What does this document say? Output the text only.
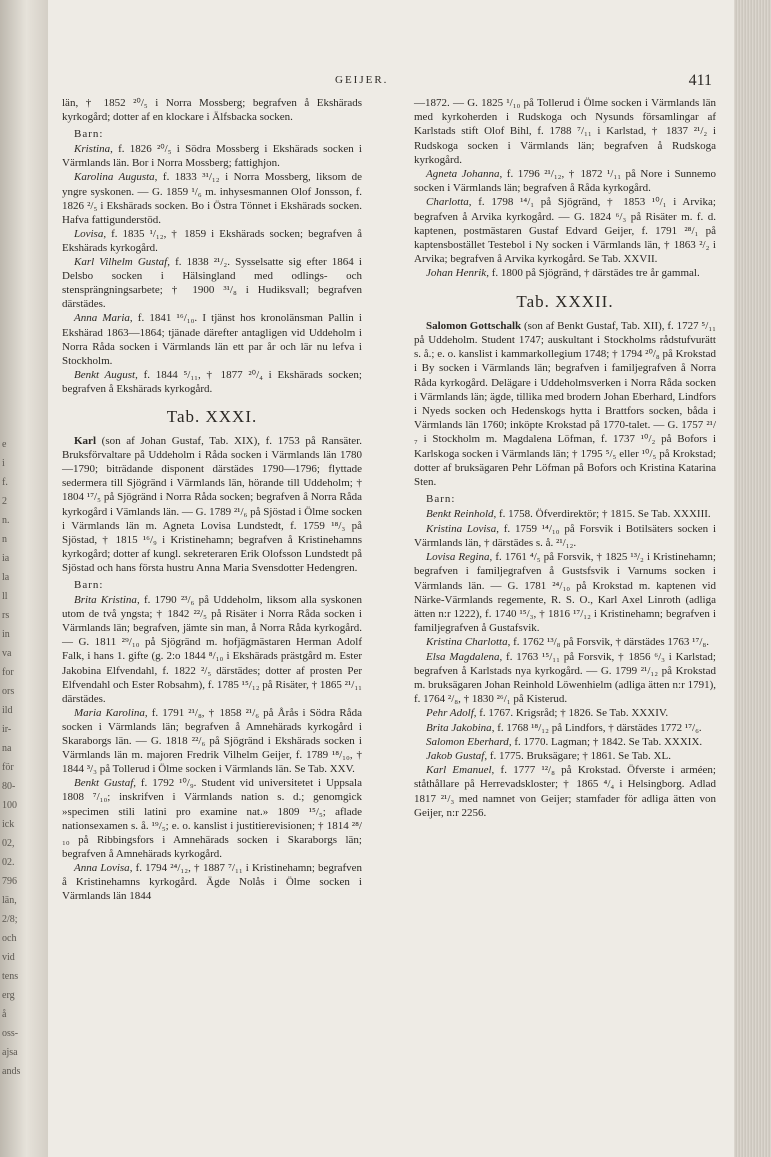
e
i
f.
2
n.
n
ia
la
ll
rs
in
va
for
ors
ild
ir-
na
för
80-
100
ick
02,
02.
796
län,
2/8;
och
vid
tens
erg
å
oss-
ajsa
ands
GEIJER.	411

län, † 1852 ²⁰/₅ i Norra Mossberg; begrafven å Ekshärads kyrkogård; dotter af en klockare i Älfsbacka socken.

Barn:

Kristina, f. 1826 ²⁰/₅ i Södra Mossberg i Ekshärads socken i Värmlands län. Bor i Norra Mossberg; fattighjon.

Karolina Augusta, f. 1833 ³¹/₁₂ i Norra Mossberg, liksom de yngre syskonen. — G. 1859 ¹/₆ m. inhysesmannen Olof Jonsson, f. 1826 ²/₅ i Ekshärads socken. Bo i Östra Tönnet i Ekshärads socken. Hafva fattigunderstöd.

Lovisa, f. 1835 ¹/₁₂, † 1859 i Ekshärads socken; begrafven å Ekshärads kyrkogård.

Karl Vilhelm Gustaf, f. 1838 ²¹/₂. Sysselsatte sig efter 1864 i Delsbo socken i Hälsingland med odlings- och stensprängningsarbete; † 1900 ³¹/₈ i Hudiksvall; begrafven därstädes.

Anna Maria, f. 1841 ¹⁶/₁₀. I tjänst hos kronolänsman Pallin i Ekshärad 1863—1864; tjänade därefter antagligen vid Uddeholm i Norra Råda socken i Värmlands län ett par år och lär nu lefva i Stockholm.

Benkt August, f. 1844 ⁵/₁₁, † 1877 ²⁰/₄ i Ekshärads socken; begrafven å Ekshärads kyrkogård.

Tab. XXXI.

Karl (son af Johan Gustaf, Tab. XIX), f. 1753 på Ransäter. Bruksförvaltare på Uddeholm i Råda socken i Värmlands län 1780—1790; biträdande disponent därstädes 1790—1796; flyttade sedermera till Sjögränd i Värmlands län, hörande till Uddeholm; † 1804 ¹⁷/₅ på Sjögränd i Norra Råda socken; begrafven å Norra Råda kyrkogård i Vämlands län. — G. 1789 ²¹/₆ på Sjöstad i Ölme socken i Värmlands län m. Agneta Lovisa Lundstedt, f. 1759 ¹⁸/₃ på Sjöstad, † 1815 ¹⁶/₉ i Kristinehamn; begrafven å Kristinehamns kyrkogård; dotter af kungl. sekreteraren Erik Olofsson Lundstedt på Sjöstad och hans första hustru Anna Maria Svensdotter Hedengren.

Barn:

Brita Kristina, f. 1790 ²³/₆ på Uddeholm, liksom alla syskonen utom de två yngsta; † 1842 ²²/₅ på Risäter i Norra Råda socken i Värmlands län; begrafven, jämte sin man, å Norra Råda kyrkogård. — G. 1811 ²⁹/₁₀ på Sjögränd m. hofjägmästaren Herman Adolf Falk, i hans 1. gifte (g. 2:o 1844 ⁸/₁₀ i Ekshärads prästgård m. Ester Jakobina Elfvendahl, f. 1822 ²/₅ därstädes; dotter af prosten Per Elfvendahl och Ester Robsahm), f. 1785 ¹⁵/₁₂ på Risäter, † 1865 ²¹/₁₁ därstädes.

Maria Karolina, f. 1791 ²¹/₈, † 1858 ²¹/₆ på Årås i Södra Råda socken i Värmlands län; begrafven å Amnehärads kyrkogård i Skaraborgs län. — G. 1818 ²²/₆ på Sjögränd i Ekshärads socken i Värmlands län m. majoren Fredrik Vilhelm Geijer, f. 1789 ¹⁸/₁₀, † 1844 ³/₃ på Tollerud i Ölme socken i Värmlands län. Se Tab. XXV.

Benkt Gustaf, f. 1792 ¹⁰/₉. Student vid universitetet i Uppsala 1808 ⁷/₁₀; inskrifven i Värmlands nation s. d.; genomgick »specimen stili latini pro examine nat.» 1809 ¹⁵/₅; aflade nationsexamen s. å. ¹⁹/₅; e. o. kanslist i justitierevisionen; † 1814 ²⁸/₁₀ på Ribbingsfors i Amnehärads socken i Skaraborgs län; begrafven å Amnehärads kyrkogård.

Anna Lovisa, f. 1794 ²⁴/₁₂, † 1887 ⁷/₁₁ i Kristinehamn; begrafven å Kristinehamns kyrkogård. Ägde Nolås i Ölme socken i Värmlands län 1844

—1872. — G. 1825 ¹/₁₀ på Tollerud i Ölme socken i Värmlands län med kyrkoherden i Rudskoga och Nysunds församlingar af Karlstads stift Olof Bihl, f. 1788 ⁷/₁₁ i Karlstad, † 1837 ²¹/₂ i Rudskoga socken i Värmlands län; begrafven å Rudskoga kyrkogård.

Agneta Johanna, f. 1796 ²¹/₁₂, † 1872 ¹/₁₁ på Nore i Sunnemo socken i Värmlands län; begrafven å Råda kyrkogård.

Charlotta, f. 1798 ¹⁴/₁ på Sjögränd, † 1853 ¹⁰/₁ i Arvika; begrafven å Arvika kyrkogård. — G. 1824 ⁶/₃ på Risäter m. f. d. kaptenen, postmästaren Gustaf Edvard Geijer, f. 1791 ²⁸/₁ på kaptensbostället Testebol i Ny socken i Värmlands län, † 1863 ²/₂ i Arvika; begrafven å Arvika kyrkogård. Se Tab. XXVII.

Johan Henrik, f. 1800 på Sjögränd, † därstädes tre år gammal.

Tab. XXXII.

Salomon Gottschalk (son af Benkt Gustaf, Tab. XII), f. 1727 ⁵/₁₁ på Uddeholm. Student 1747; auskultant i Stockholms rådstufvurätt s. å.; e. o. kanslist i kammarkollegium 1748; † 1794 ²⁰/₈ på Krokstad i By socken i Värmlands län; begrafven i familjegrafven å Norra Råda kyrkogård. Delägare i Uddeholmsverken i Norra Råda socken i Värmlands län; ägde, tillika med brodern Johan Eberhard, Lindfors i Nyeds socken och Hedenskogs hytta i Brattfors socken, båda i Värmlands län 1760; inköpte Krokstad på 1770-talet. — G. 1757 ²¹/₇ i Stockholm m. Magdalena Löfman, f. 1737 ¹⁰/₂ på Bofors i Karlskoga socken i Värmlands län; † 1795 ⁵/₅ eller ¹⁰/₅ på Krokstad; dotter af bruksägaren Pehr Löfman på Bofors och Kristina Katarina Sten.

Barn:

Benkt Reinhold, f. 1758. Öfverdirektör; † 1815. Se Tab. XXXIII.

Kristina Lovisa, f. 1759 ¹⁴/₁₀ på Forsvik i Botilsäters socken i Värmlands län, † därstädes s. å. ²¹/₁₂.

Lovisa Regina, f. 1761 ⁴/₅ på Forsvik, † 1825 ¹³/₂ i Kristinehamn; begrafven i familjegrafven å Gustsfsvik i Varnums socken i Värmlands län. — G. 1781 ²⁴/₁₀ på Krokstad m. kaptenen vid Närke-Värmlands regemente, R. S. O., Karl Axel Linroth (adliga ätten n:r 1222), f. 1740 ¹⁵/₃, † 1816 ¹⁷/₁₂ i Kristinehamn; begrafven i familjegrafven å Gustafsvik.

Kristina Charlotta, f. 1762 ¹³/₈ på Forsvik, † därstädes 1763 ¹⁷/₈.

Elsa Magdalena, f. 1763 ¹⁵/₁₁ på Forsvik, † 1856 ⁶/₃ i Karlstad; begrafven å Karlstads nya kyrkogård. — G. 1799 ²¹/₁₂ på Krokstad m. bruksägaren Johan Reinhold Löwenhielm (adliga ätten n:r 1791), f. 1764 ²/₈, † 1830 ²⁶/₁ på Kisterud.

Pehr Adolf, f. 1767. Krigsråd; † 1826. Se Tab. XXXIV.

Brita Jakobina, f. 1768 ¹⁸/₁₂ på Lindfors, † därstädes 1772 ¹⁷/₆.

Salomon Eberhard, f. 1770. Lagman; † 1842. Se Tab. XXXIX.

Jakob Gustaf, f. 1775. Bruksägare; † 1861. Se Tab. XL.

Karl Emanuel, f. 1777 ¹²/₈ på Krokstad. Öfverste i arméen; ståthållare på Herrevadskloster; † 1865 ⁴/₄ i Helsingborg. Adlad 1817 ²¹/₃ med namnet von Geijer; stamfader för adliga ätten von Geijer, n:r 2256.
